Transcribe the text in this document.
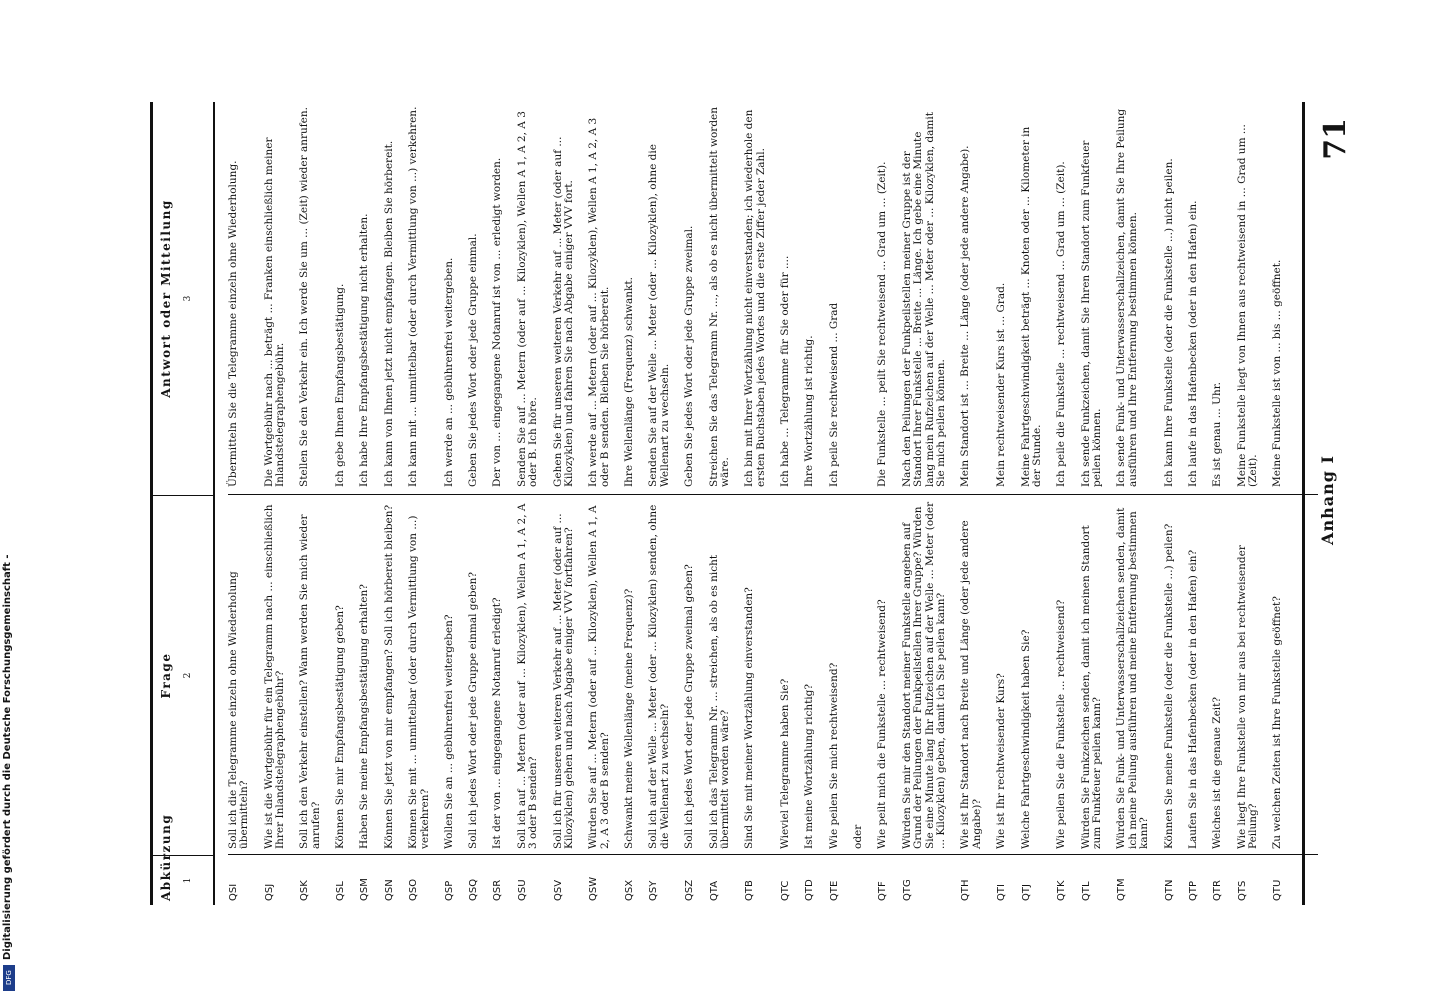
71
Anhang I
Abkürzung 1
Frage 2
Antwort oder Mitteilung 3
QSI
Soll ich die Telegramme einzeln ohne Wiederholung übermitteln?
Übermitteln Sie die Telegramme einzeln ohne Wiederholung.
QSJ
Wie ist die Wortgebühr für ein Telegramm nach ... einschließlich Ihrer Inlandstelegraphengebühr?
Die Wortgebühr nach ... beträgt ... Franken einschließlich meiner Inlandstelegraphengebühr.
QSK
Soll ich den Verkehr einstellen? Wann werden Sie mich wieder anrufen?
Stellen Sie den Verkehr ein. Ich werde Sie um ... (Zeit) wieder anrufen.
QSL
Können Sie mir Empfangsbestätigung geben?
Ich gebe Ihnen Empfangsbestätigung.
QSM
Haben Sie meine Empfangsbestätigung erhalten?
Ich habe Ihre Empfangsbestätigung nicht erhalten.
QSN
Können Sie jetzt von mir empfangen? Soll ich hörbereit bleiben?
Ich kann von Ihnen jetzt nicht empfangen. Bleiben Sie hörbereit.
QSO
Können Sie mit ... unmittelbar (oder durch Vermittlung von ...) verkehren?
Ich kann mit ... unmittelbar (oder durch Vermittlung von ...) verkehren.
QSP
Wollen Sie an ... gebührenfrei weitergeben?
Ich werde an ... gebührenfrei weitergeben.
QSQ
Soll ich jedes Wort oder jede Gruppe einmal geben?
Geben Sie jedes Wort oder jede Gruppe einmal.
QSR
Ist der von ... eingegangene Notanruf erledigt?
Der von ... eingegangene Notanruf ist von ... erledigt worden.
QSU
Soll ich auf ... Metern (oder auf ... Kilozyklen), Wellen A 1, A 2, A 3 oder B senden?
Senden Sie auf ... Metern (oder auf ... Kilozyklen), Wellen A 1, A 2, A 3 oder B. Ich höre.
QSV
Soll ich für unseren weiteren Verkehr auf ... Meter (oder auf ... Kilozyklen) gehen und nach Abgabe einiger VVV fortfahren?
Gehen Sie für unseren weiteren Verkehr auf ... Meter (oder auf ... Kilozyklen) und fahren Sie nach Abgabe einiger VVV fort.
QSW
Würden Sie auf ... Metern (oder auf ... Kilozyklen), Wellen A 1, A 2, A 3 oder B senden?
Ich werde auf ... Metern (oder auf ... Kilozyklen), Wellen A 1, A 2, A 3 oder B senden. Bleiben Sie hörbereit.
QSX
Schwankt meine Wellenlänge (meine Frequenz)?
Ihre Wellenlänge (Frequenz) schwankt.
QSY
Soll ich auf der Welle ... Meter (oder ... Kilozyklen) senden, ohne die Wellenart zu wechseln?
Senden Sie auf der Welle ... Meter (oder ... Kilozyklen), ohne die Wellenart zu wechseln.
QSZ
Soll ich jedes Wort oder jede Gruppe zweimal geben?
Geben Sie jedes Wort oder jede Gruppe zweimal.
QTA
Soll ich das Telegramm Nr. ... streichen, als ob es nicht übermittelt worden wäre?
Streichen Sie das Telegramm Nr. ..., als ob es nicht übermittelt worden wäre.
QTB
Sind Sie mit meiner Wortzählung einverstanden?
Ich bin mit Ihrer Wortzählung nicht einverstanden; ich wiederhole den ersten Buchstaben jedes Wortes und die erste Ziffer jeder Zahl.
QTC
Wieviel Telegramme haben Sie?
Ich habe ... Telegramme für Sie oder für ....
QTD
Ist meine Wortzählung richtig?
Ihre Wortzählung ist richtig.
QTE
Wie peilen Sie mich rechtweisend?
Ich peile Sie rechtweisend ... Grad
oder
QTF
Wie peilt mich die Funkstelle ... rechtweisend?
Die Funkstelle ... peilt Sie rechtweisend ... Grad um ... (Zeit).
QTG
Würden Sie mir den Standort meiner Funkstelle angeben auf Grund der Peilungen der Funkpeilstellen Ihrer Gruppe? Würden Sie eine Minute lang Ihr Rufzeichen auf der Welle ... Meter (oder ... Kilozyklen) geben, damit ich Sie peilen kann?
Nach den Peilungen der Funkpeilstellen meiner Gruppe ist der Standort Ihrer Funkstelle ... Breite ... Länge. Ich gebe eine Minute lang mein Rufzeichen auf der Welle ... Meter oder ... Kilozyklen, damit Sie mich peilen können.
QTH
Wie ist Ihr Standort nach Breite und Länge (oder jede andere Angabe)?
Mein Standort ist ... Breite ... Länge (oder jede andere Angabe).
QTI
Wie ist Ihr rechtweisender Kurs?
Mein rechtweisender Kurs ist ... Grad.
QTJ
Welche Fahrtgeschwindigkeit haben Sie?
Meine Fahrtgeschwindigkeit beträgt ... Knoten oder ... Kilometer in der Stunde.
QTK
Wie peilen Sie die Funkstelle ... rechtweisend?
Ich peile die Funkstelle ... rechtweisend ... Grad um ... (Zeit).
QTL
Würden Sie Funkzeichen senden, damit ich meinen Standort zum Funkfeuer peilen kann?
Ich sende Funkzeichen, damit Sie Ihren Standort zum Funkfeuer peilen können.
QTM
Würden Sie Funk- und Unterwasserschallzeichen senden, damit ich meine Peilung ausführen und meine Entfernung bestimmen kann?
Ich sende Funk- und Unterwasserschallzeichen, damit Sie Ihre Peilung ausführen und Ihre Entfernung bestimmen können.
QTN
Können Sie meine Funkstelle (oder die Funkstelle ...) peilen?
Ich kann Ihre Funkstelle (oder die Funkstelle ...) nicht peilen.
QTP
Laufen Sie in das Hafenbecken (oder in den Hafen) ein?
Ich laufe in das Hafenbecken (oder in den Hafen) ein.
QTR
Welches ist die genaue Zeit?
Es ist genau ... Uhr.
QTS
Wie liegt Ihre Funkstelle von mir aus bei rechtweisender Peilung?
Meine Funkstelle liegt von Ihnen aus rechtweisend in ... Grad um ... (Zeit).
QTU
Zu welchen Zeiten ist Ihre Funkstelle geöffnet?
Meine Funkstelle ist von ... bis ... geöffnet.
Digitalisierung gefördert durch die Deutsche Forschungsgemeinschaft -
DFG
